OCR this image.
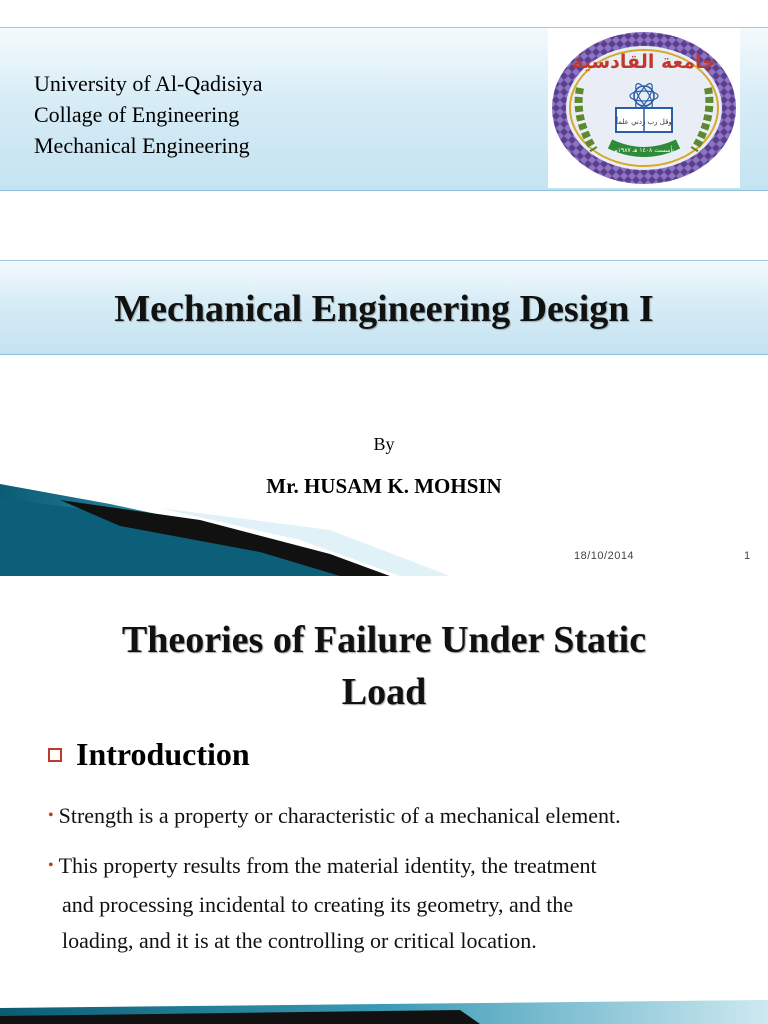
University of Al-Qadisiya
Collage of Engineering
Mechanical Engineering
جامعة القادسية
وقل رب زدني علماً
تأسست ١٤٠٨ هـ ١٩٨٧م
Mechanical Engineering Design I
By
Mr. HUSAM K. MOHSIN
18/10/2014	1
Theories of Failure Under Static
Load
Introduction
• Strength is a property or characteristic of a mechanical element.
• This property results from the material identity, the treatment
and processing incidental to creating its geometry, and the
loading, and it is at the controlling or critical location.
